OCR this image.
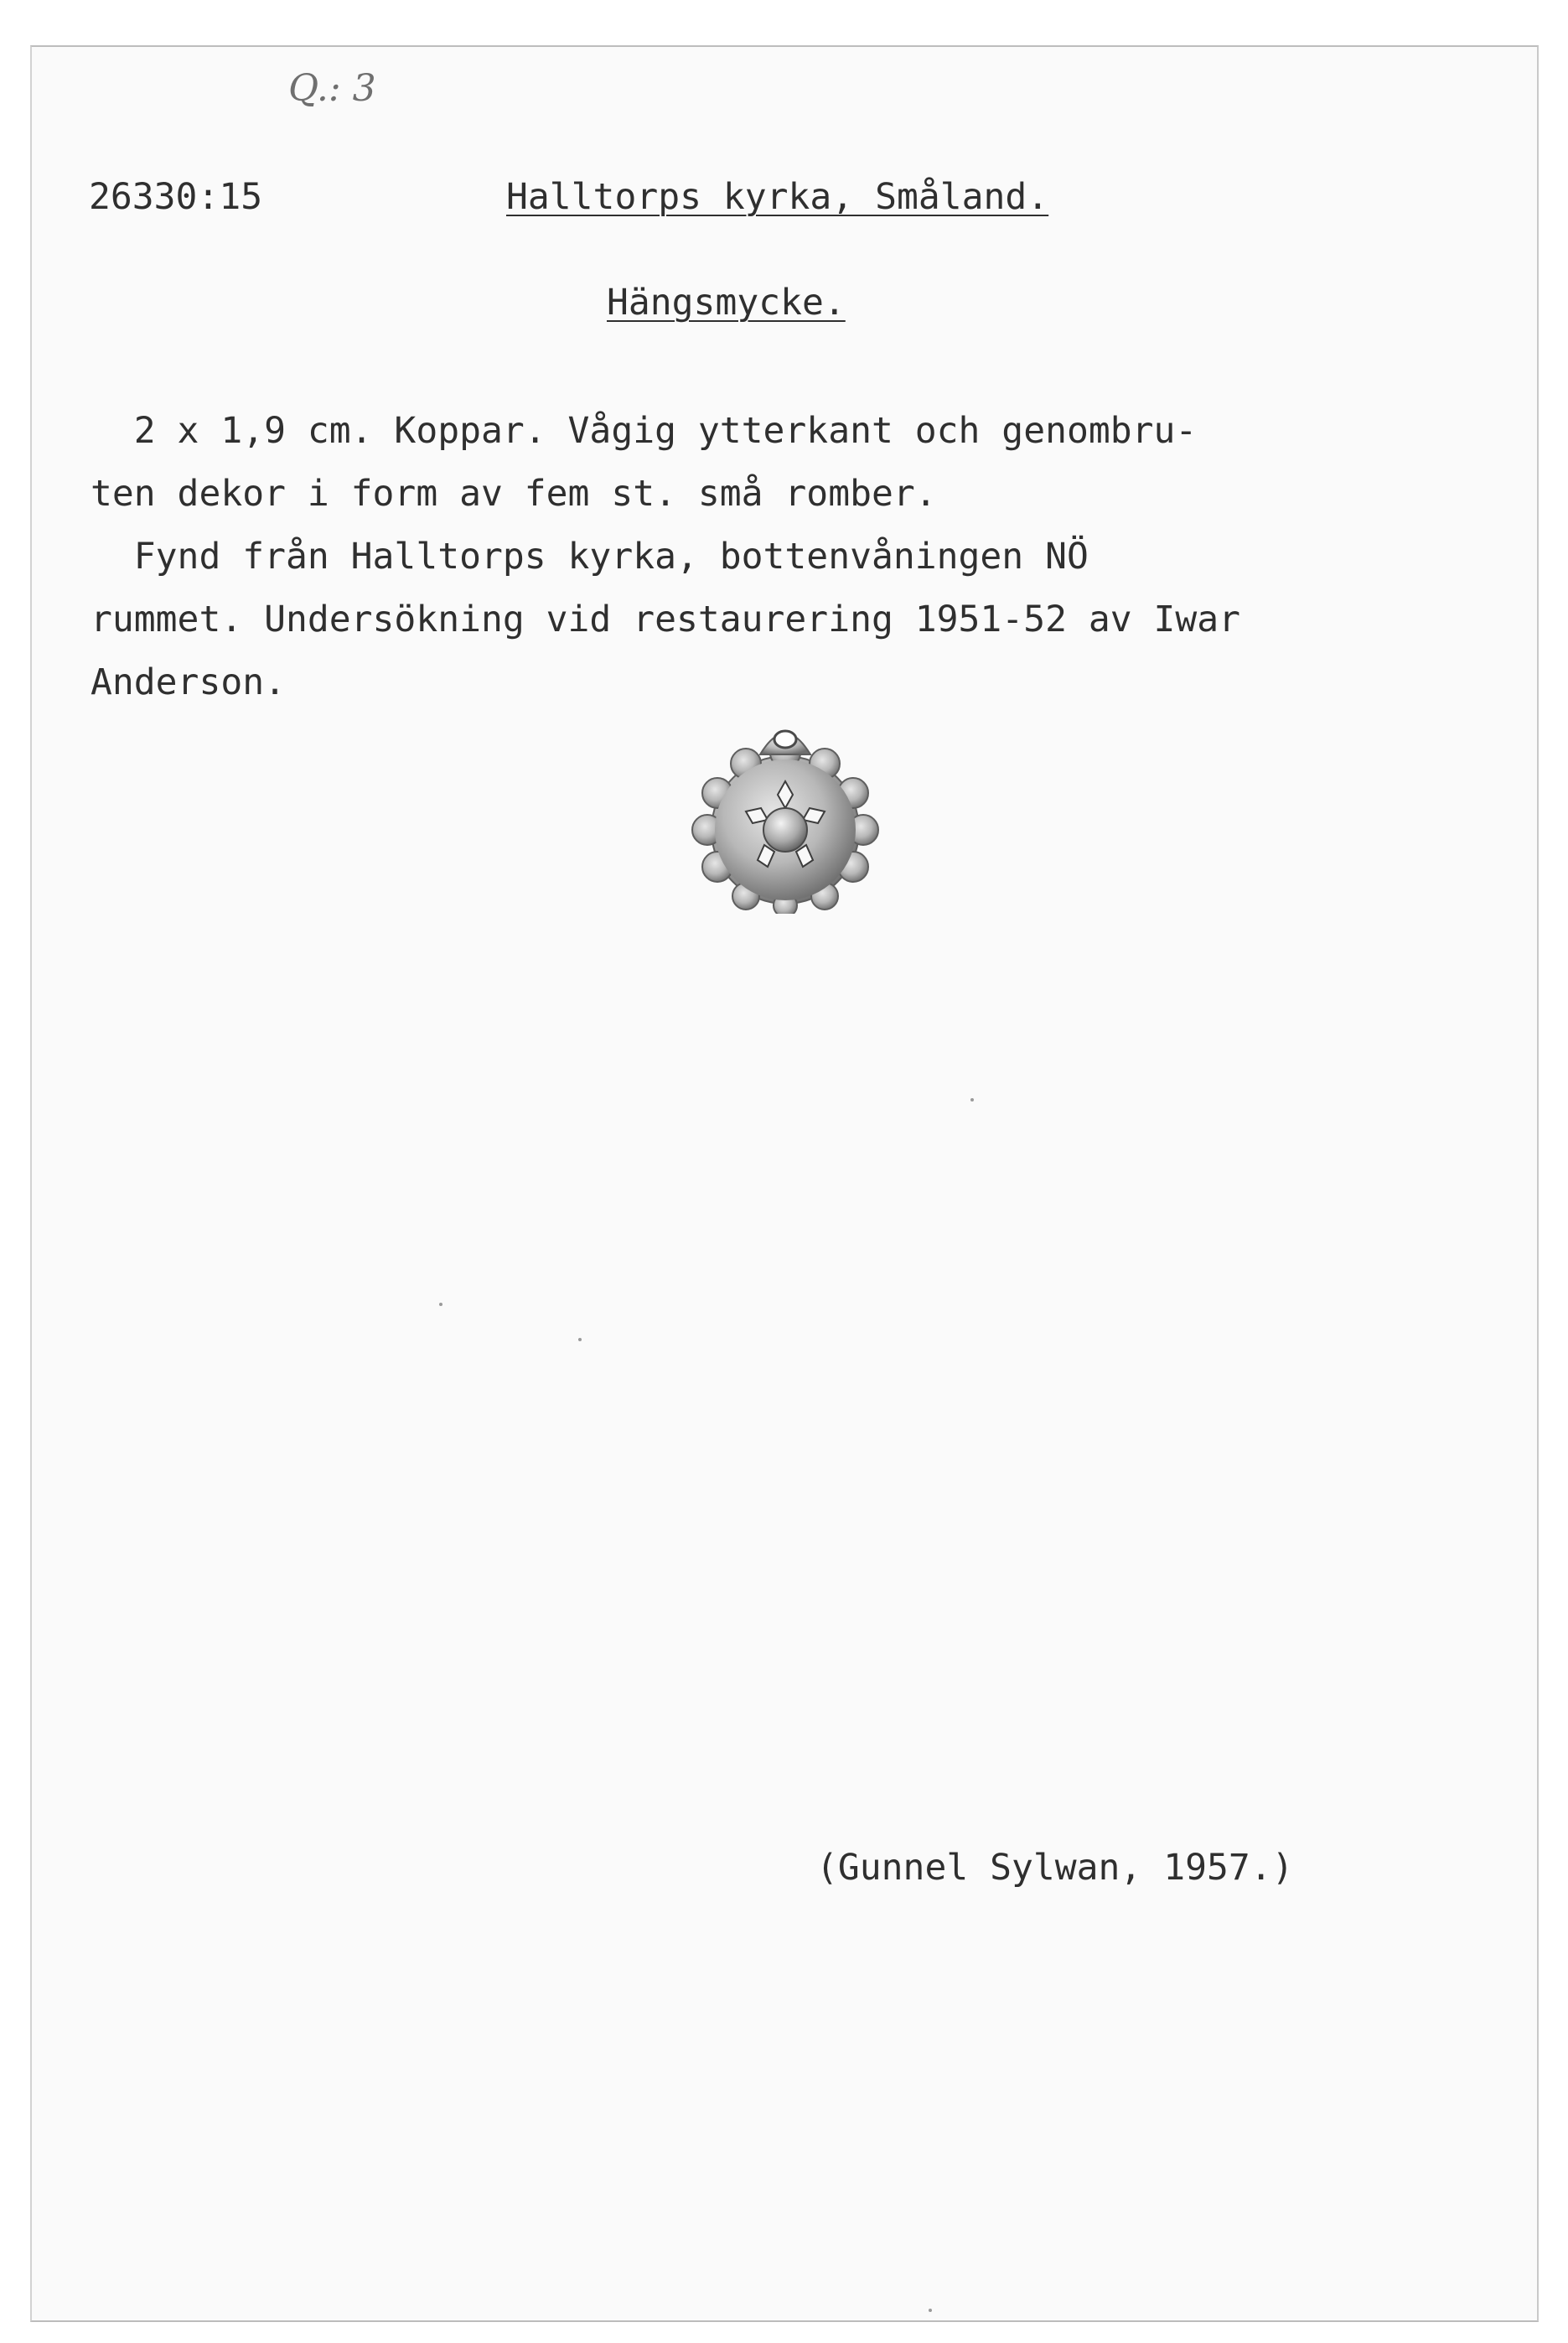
Q.: 3
26330:15	Halltorps kyrka, Småland.
Hängsmycke.

2 x 1,9 cm. Koppar. Vågig ytterkant och genombru-

ten dekor i form av fem st. små romber.

Fynd från Halltorps kyrka, bottenvåningen NÖ

rummet. Undersökning vid restaurering 1951-52 av Iwar

Anderson.

(Gunnel Sylwan, 1957.)
